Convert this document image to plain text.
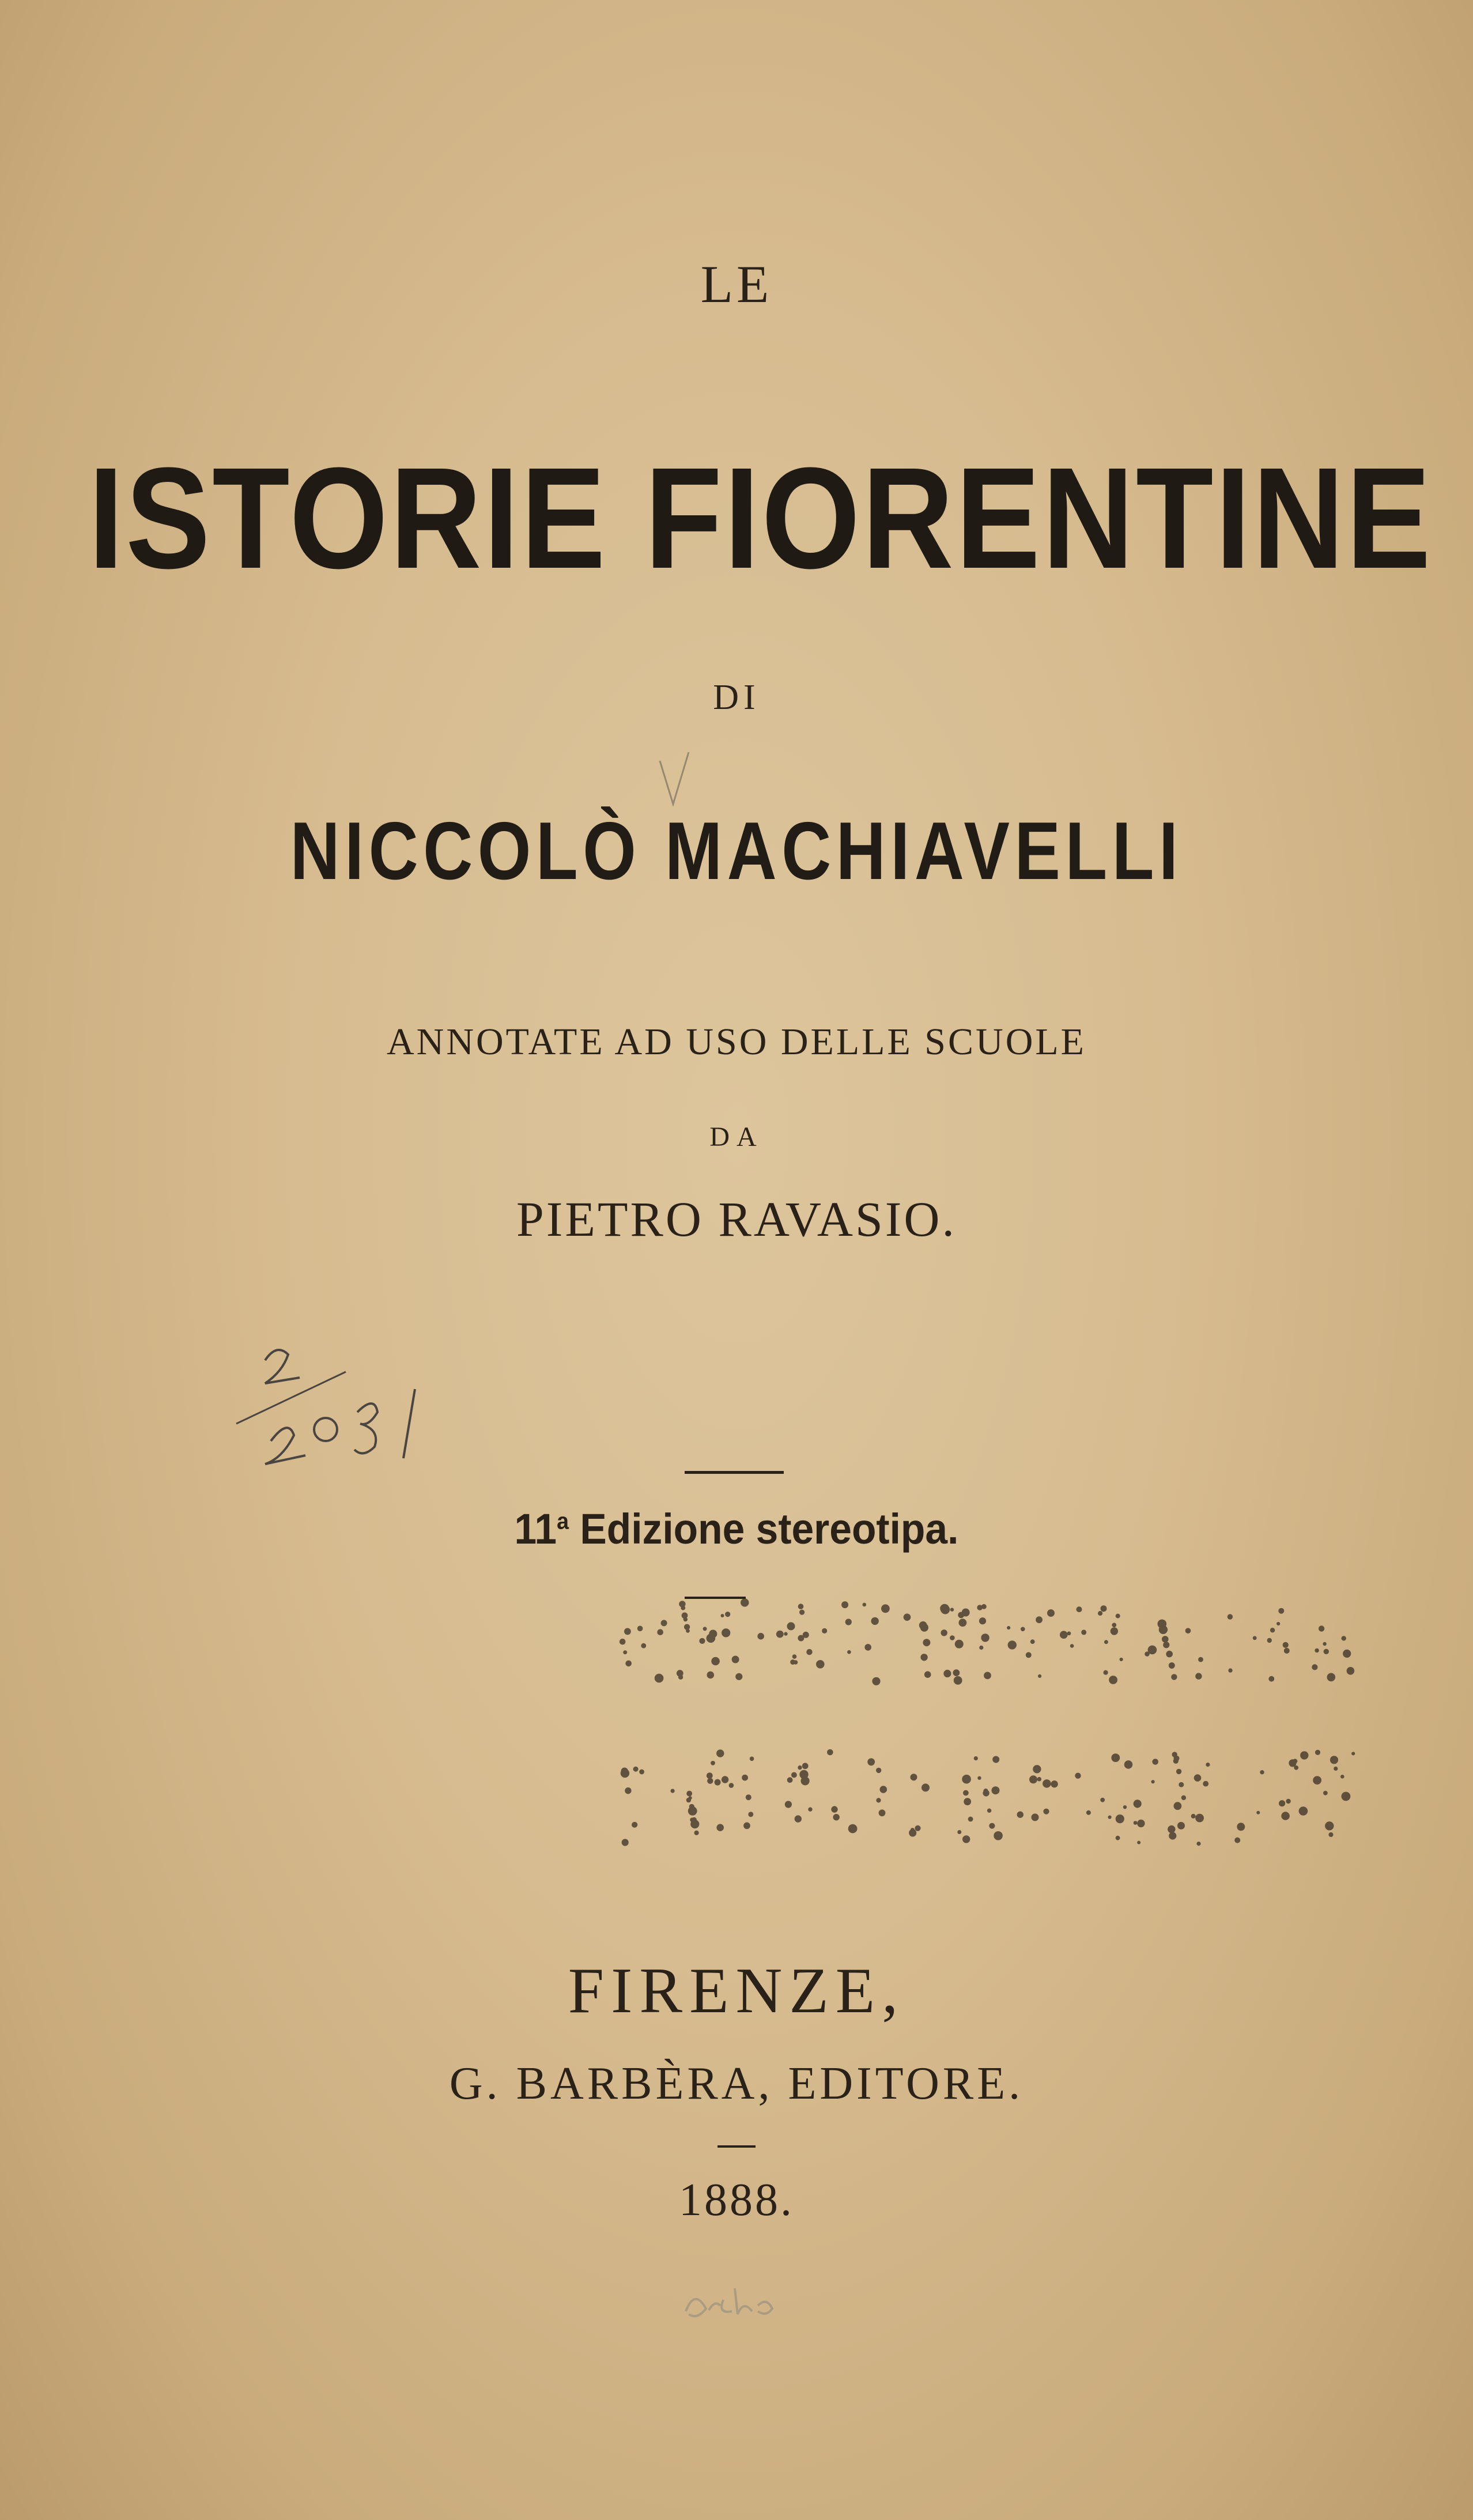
LE
ISTORIE FIORENTINE
DI
NICCOLÒ MACHIAVELLI
ANNOTATE AD USO DELLE SCUOLE
DA
PIETRO RAVASIO.
11$^a$ Edizione stereotipa.
FIRENZE,
G. BARBÈRA, EDITORE.
1888.
